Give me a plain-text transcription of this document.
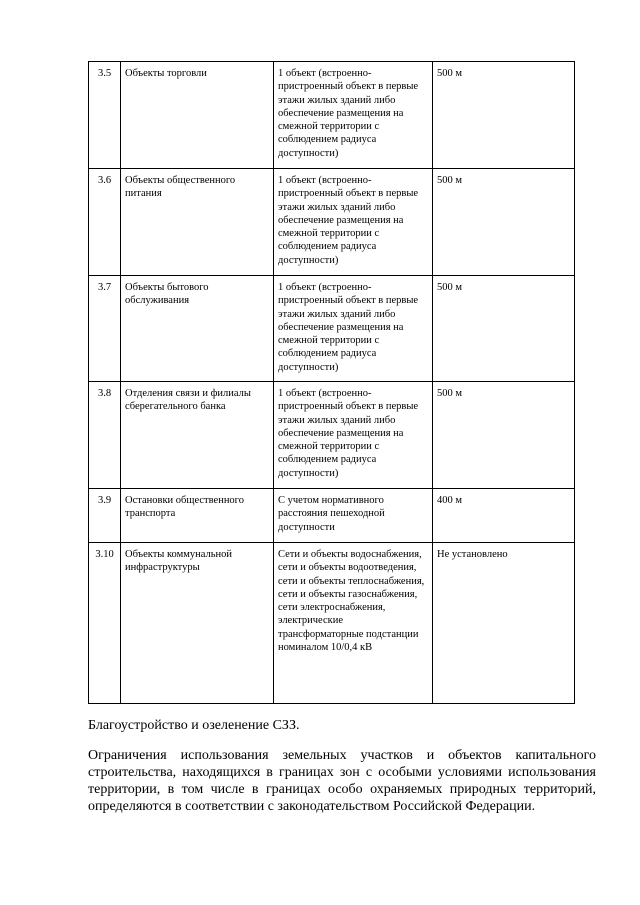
3.5	Объекты торговли	1 объект (встроенно-пристроенный объект в первые этажи жилых зданий либо обеспечение размещения на смежной территории с соблюдением радиуса доступности)	500 м
3.6	Объекты общественного питания	1 объект (встроенно-пристроенный объект в первые этажи жилых зданий либо обеспечение размещения на смежной территории с соблюдением радиуса доступности)	500 м
3.7	Объекты бытового обслуживания	1 объект (встроенно-пристроенный объект в первые этажи жилых зданий либо обеспечение размещения на смежной территории с соблюдением радиуса доступности)	500 м
3.8	Отделения связи и филиалы сберегательного банка	1 объект (встроенно-пристроенный объект в первые этажи жилых зданий либо обеспечение размещения на смежной территории с соблюдением радиуса доступности)	500 м
3.9	Остановки общественного транспорта	С учетом нормативного расстояния пешеходной доступности	400 м
3.10	Объекты коммунальной инфраструктуры	Сети и объекты водоснабжения, сети и объекты водоотведения, сети и объекты теплоснабжения, сети и объекты газоснабжения, сети электроснабжения, электрические трансформаторные подстанции номиналом 10/0,4 кВ	Не установлено

Благоустройство и озеленение СЗЗ.

Ограничения использования земельных участков и объектов капитального строительства, находящихся в границах зон с особыми условиями использования территории, в том числе в границах особо охраняемых природных территорий, определяются в соответствии с законодательством Российской Федерации.
